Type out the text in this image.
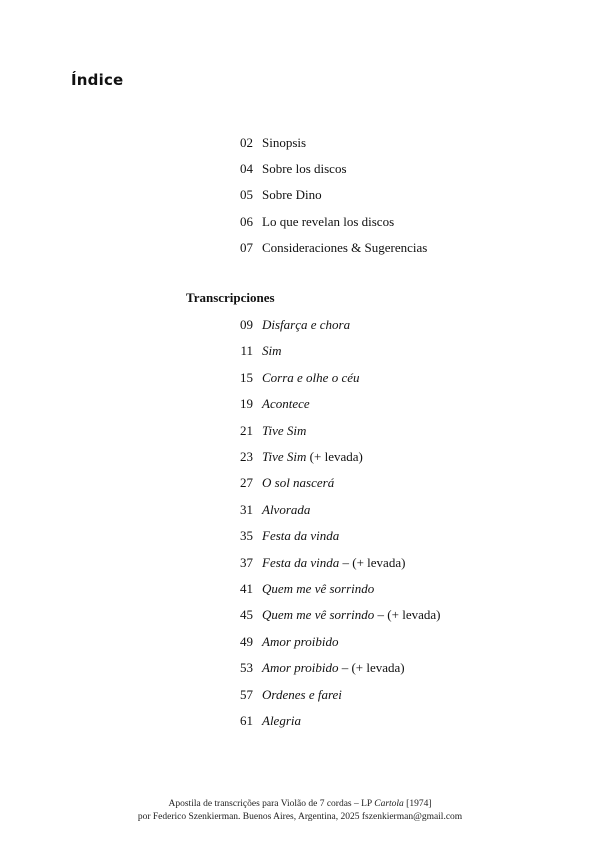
Índice
02 Sinopsis
04 Sobre los discos
05 Sobre Dino
06 Lo que revelan los discos
07 Consideraciones & Sugerencias
Transcripciones
09 Disfarça e chora
11 Sim
15 Corra e olhe o céu
19 Acontece
21 Tive Sim
23 Tive Sim (+ levada)
27 O sol nascerá
31 Alvorada
35 Festa da vinda
37 Festa da vinda – (+ levada)
41 Quem me vê sorrindo
45 Quem me vê sorrindo – (+ levada)
49 Amor proibido
53 Amor proibido – (+ levada)
57 Ordenes e farei
61 Alegria
Apostila de transcrições para Violão de 7 cordas – LP Cartola [1974]
por Federico Szenkierman. Buenos Aires, Argentina, 2025 fszenkierman@gmail.com
